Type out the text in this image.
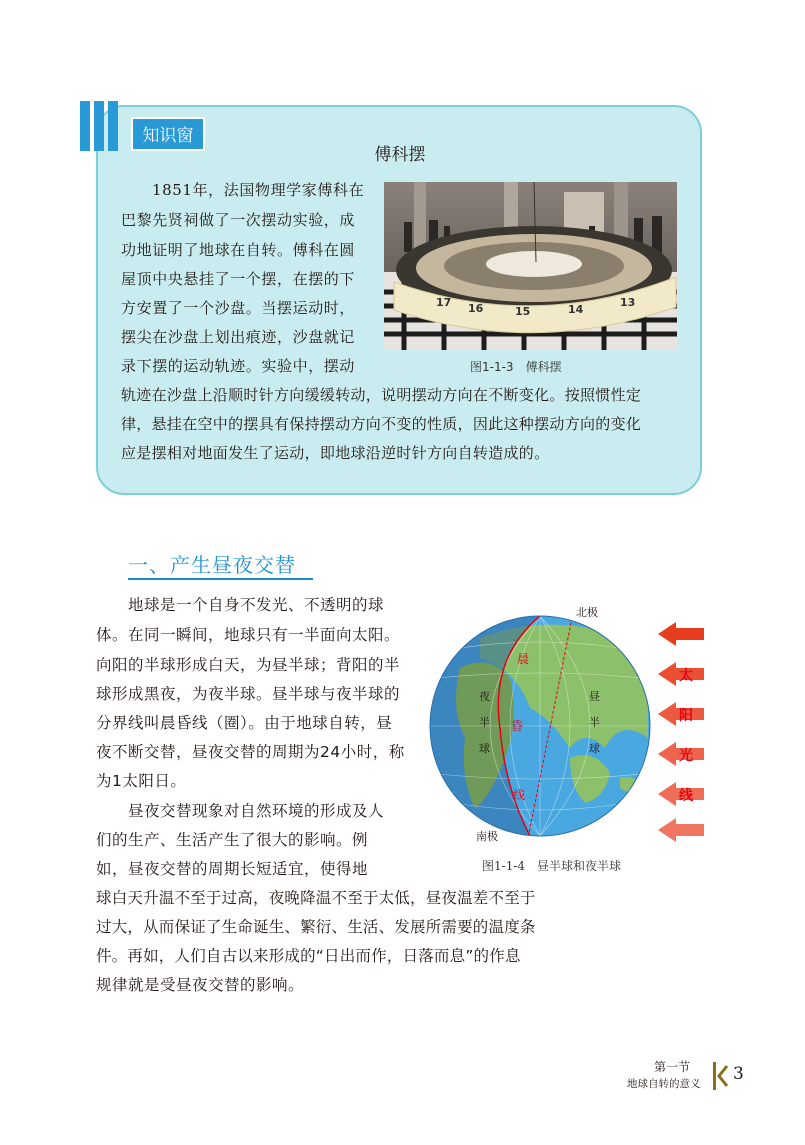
知识窗
傅科摆
17 16	15	14
13
图1-1-3　傅科摆
1851年，法国物理学家傅科在
巴黎先贤祠做了一次摆动实验，成
功地证明了地球在自转。傅科在圆
屋顶中央悬挂了一个摆，在摆的下
方安置了一个沙盘。当摆运动时，
摆尖在沙盘上划出痕迹，沙盘就记
录下摆的运动轨迹。实验中，摆动
轨迹在沙盘上沿顺时针方向缓缓转动，说明摆动方向在不断变化。按照惯性定
律，悬挂在空中的摆具有保持摆动方向不变的性质，因此这种摆动方向的变化
应是摆相对地面发生了运动，即地球沿逆时针方向自转造成的。
一、产生昼夜交替
地球是一个自身不发光、不透明的球
体。在同一瞬间，地球只有一半面向太阳。
向阳的半球形成白天，为昼半球；背阳的半
球形成黑夜，为夜半球。昼半球与夜半球的
分界线叫晨昏线（圈）。由于地球自转，昼
夜不断交替，昼夜交替的周期为24小时，称
为1太阳日。
昼夜交替现象对自然环境的形成及人
们的生产、生活产生了很大的影响。例
如，昼夜交替的周期长短适宜，使得地
球白天升温不至于过高，夜晚降温不至于太低，昼夜温差不至于
过大，从而保证了生命诞生、繁衍、生活、发展所需要的温度条
件。再如，人们自古以来形成的“日出而作，日落而息”的作息
规律就是受昼夜交替的影响。
北极
南极
夜
半
球
昼
半
球
晨
昏
线
太
阳
光
线
图1-1-4　昼半球和夜半球
第一节
地球自转的意义 3
